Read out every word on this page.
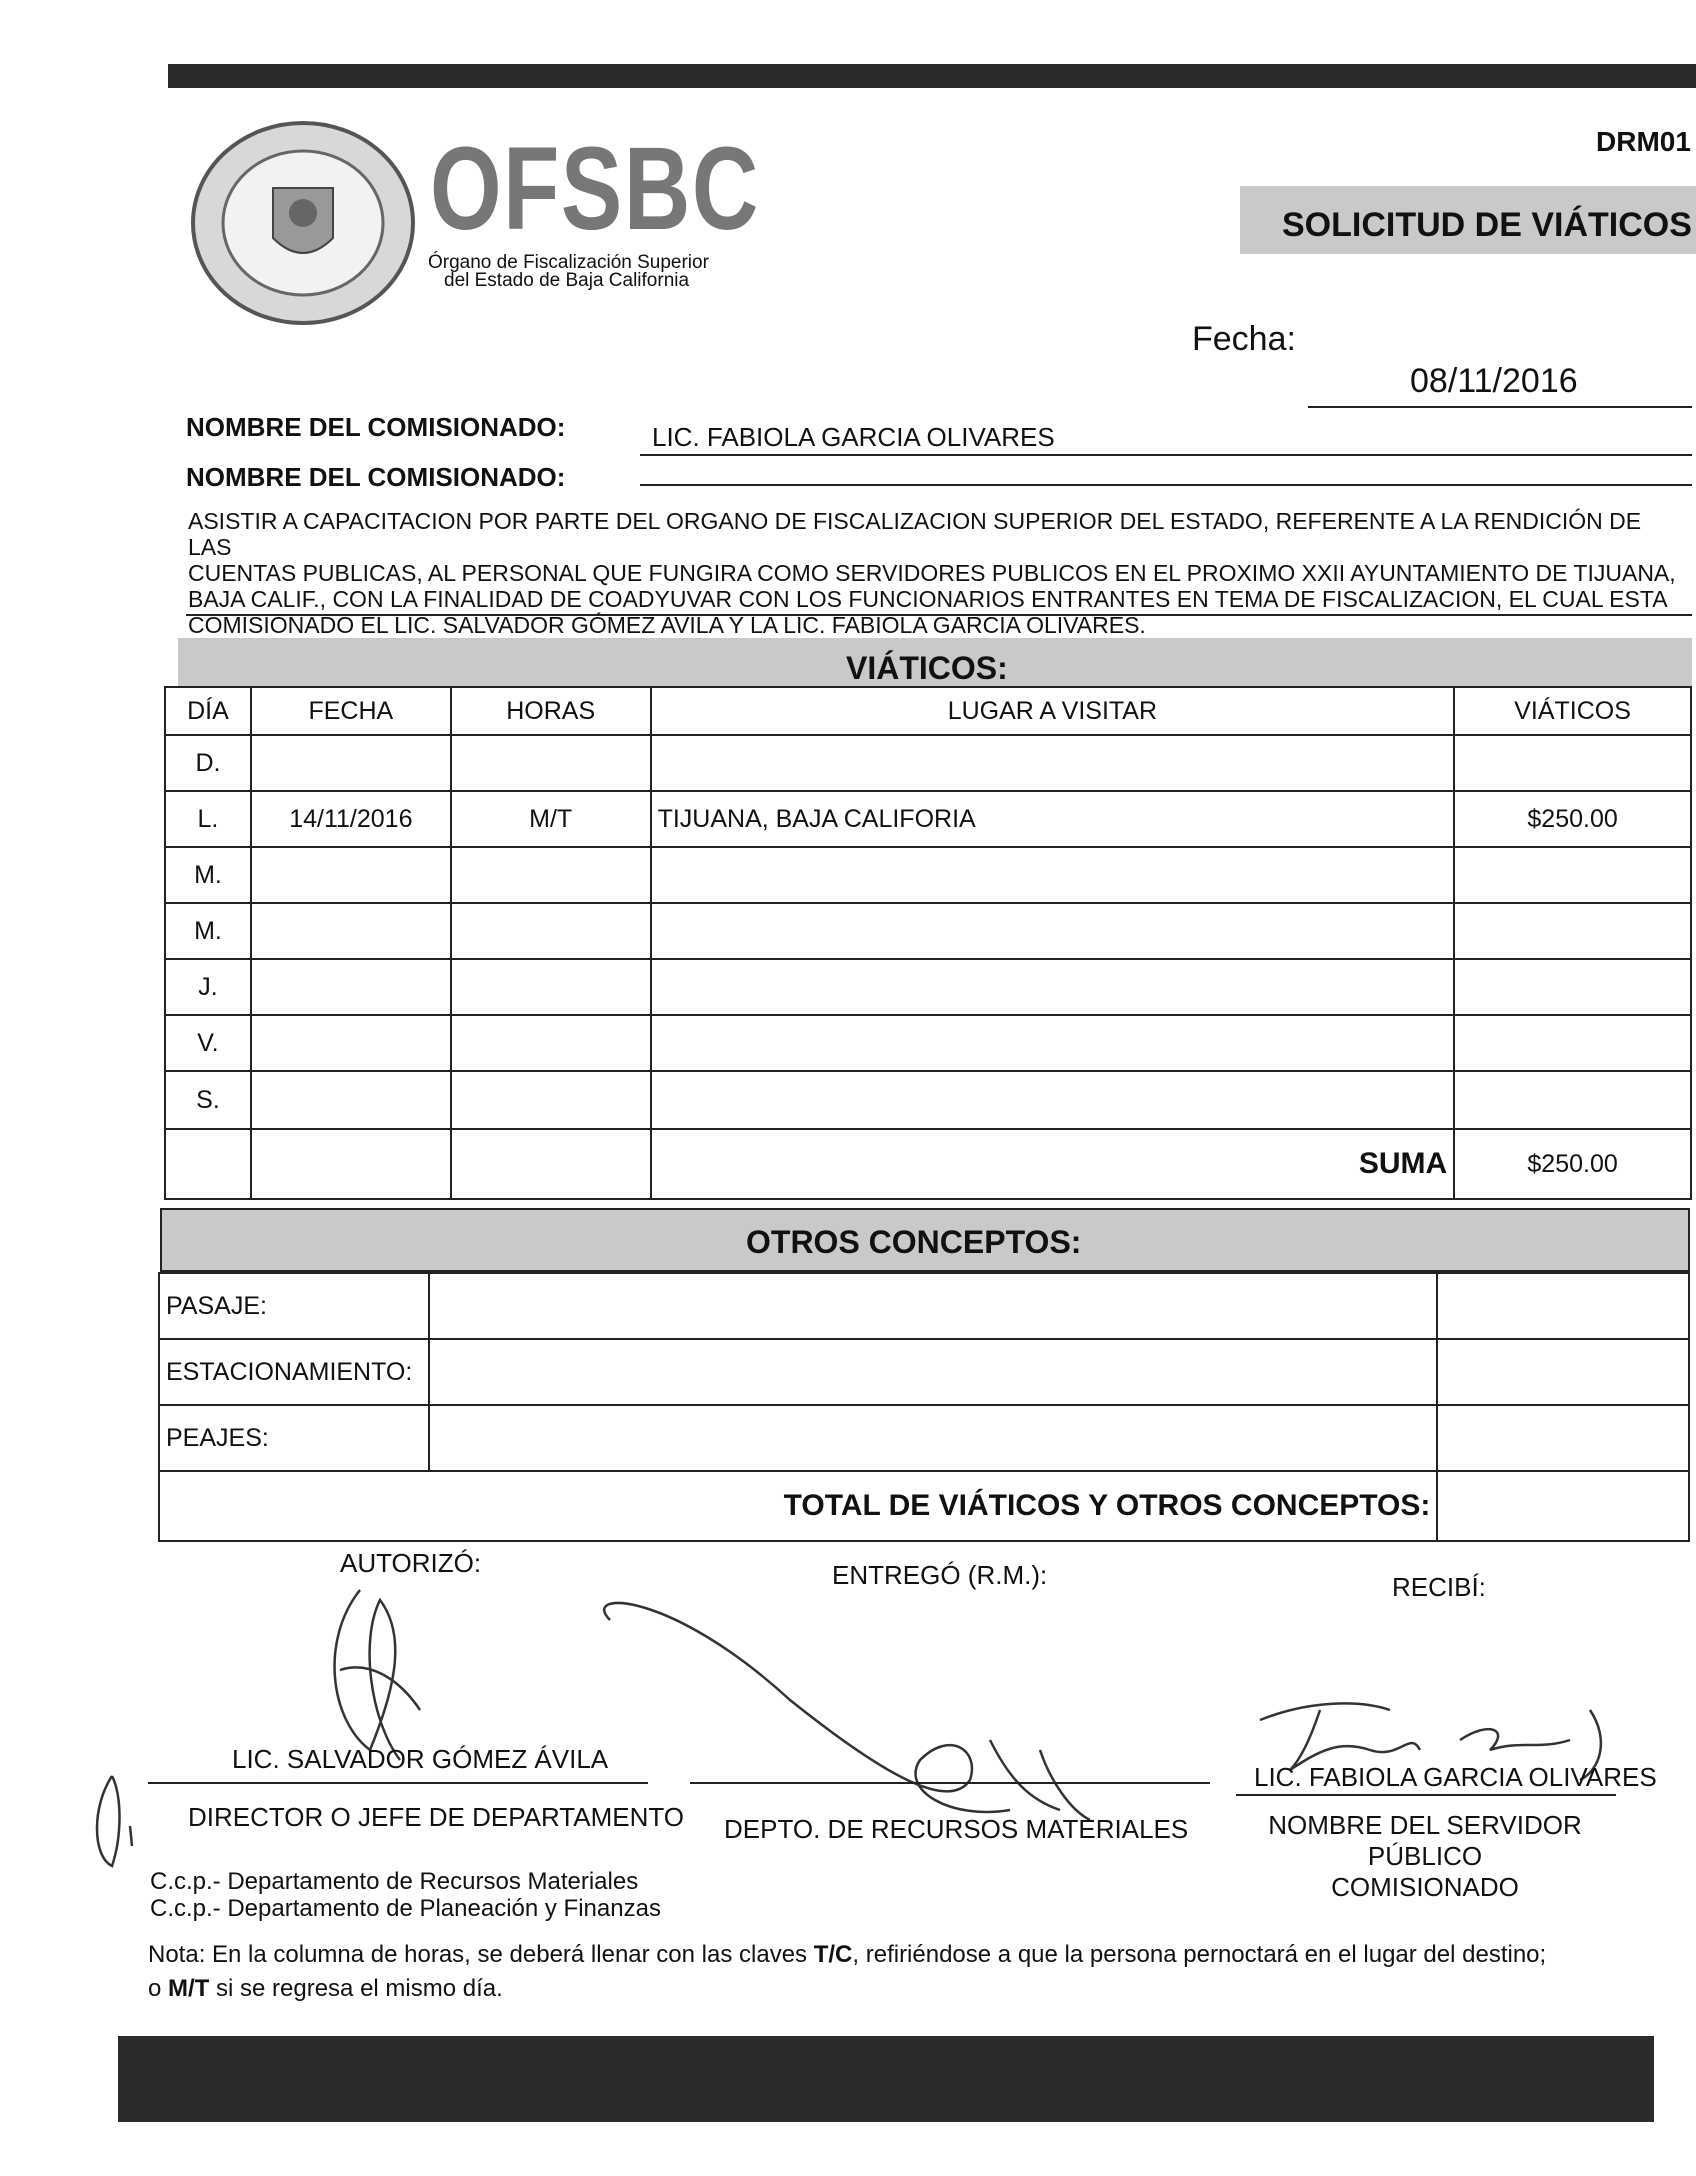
OFSBC
Órgano de Fiscalización Superior
del Estado de Baja California
DRM01
SOLICITUD DE VIÁTICOS
Fecha:
08/11/2016
NOMBRE DEL COMISIONADO:	LIC. FABIOLA GARCIA OLIVARES
NOMBRE DEL COMISIONADO:
ASISTIR A CAPACITACION POR PARTE DEL ORGANO DE FISCALIZACION SUPERIOR DEL ESTADO, REFERENTE A LA RENDICIÓN DE LAS
CUENTAS PUBLICAS, AL PERSONAL QUE FUNGIRA COMO SERVIDORES PUBLICOS EN EL PROXIMO XXII AYUNTAMIENTO DE TIJUANA,
BAJA CALIF., CON LA FINALIDAD DE COADYUVAR CON LOS FUNCIONARIOS ENTRANTES EN TEMA DE FISCALIZACION, EL CUAL ESTA
COMISIONADO EL LIC. SALVADOR GÓMEZ AVILA Y LA LIC. FABIOLA GARCIA OLIVARES.
VIÁTICOS:
DÍA	FECHA	HORAS	LUGAR A VISITAR	VIÁTICOS
D.				
L.	14/11/2016	M/T	TIJUANA, BAJA CALIFORIA	$250.00
M.				
M.				
J.				
V.				
S.				
			SUMA	$250.00
OTROS CONCEPTOS:
PASAJE:		
ESTACIONAMIENTO:		
PEAJES:		
TOTAL DE VIÁTICOS Y OTROS CONCEPTOS:		
AUTORIZÓ:	ENTREGÓ (R.M.):	RECIBÍ:
LIC. SALVADOR GÓMEZ ÁVILA
DIRECTOR O JEFE DE DEPARTAMENTO DEPTO. DE RECURSOS MATERIALES
LIC. FABIOLA GARCIA OLIVARES
NOMBRE DEL SERVIDOR PÚBLICO
COMISIONADO
C.c.p.- Departamento de Recursos Materiales
C.c.p.- Departamento de Planeación y Finanzas
Nota: En la columna de horas, se deberá llenar con las claves T/C, refiriéndose a que la persona pernoctará en el lugar del destino;
o M/T si se regresa el mismo día.
